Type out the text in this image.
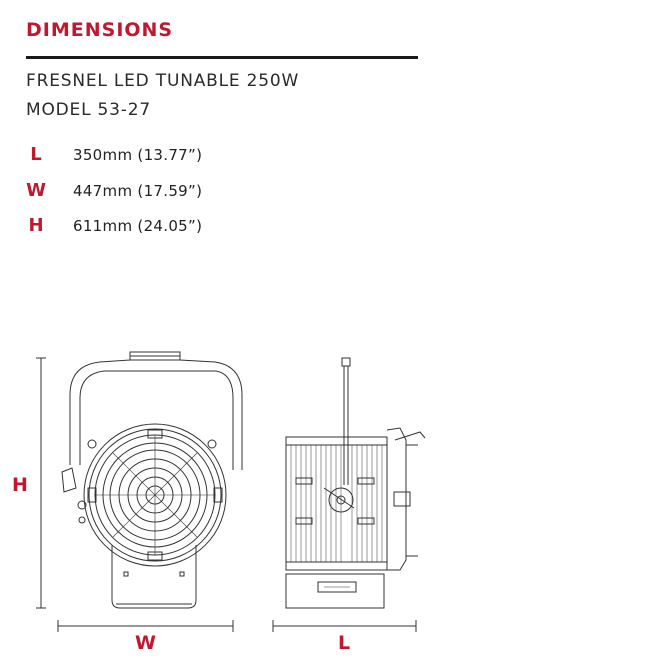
DIMENSIONS
FRESNEL LED TUNABLE 250W
MODEL 53-27
L 350mm (13.77”)
W 447mm (17.59”)
H 611mm (24.05”)
H
W	L
